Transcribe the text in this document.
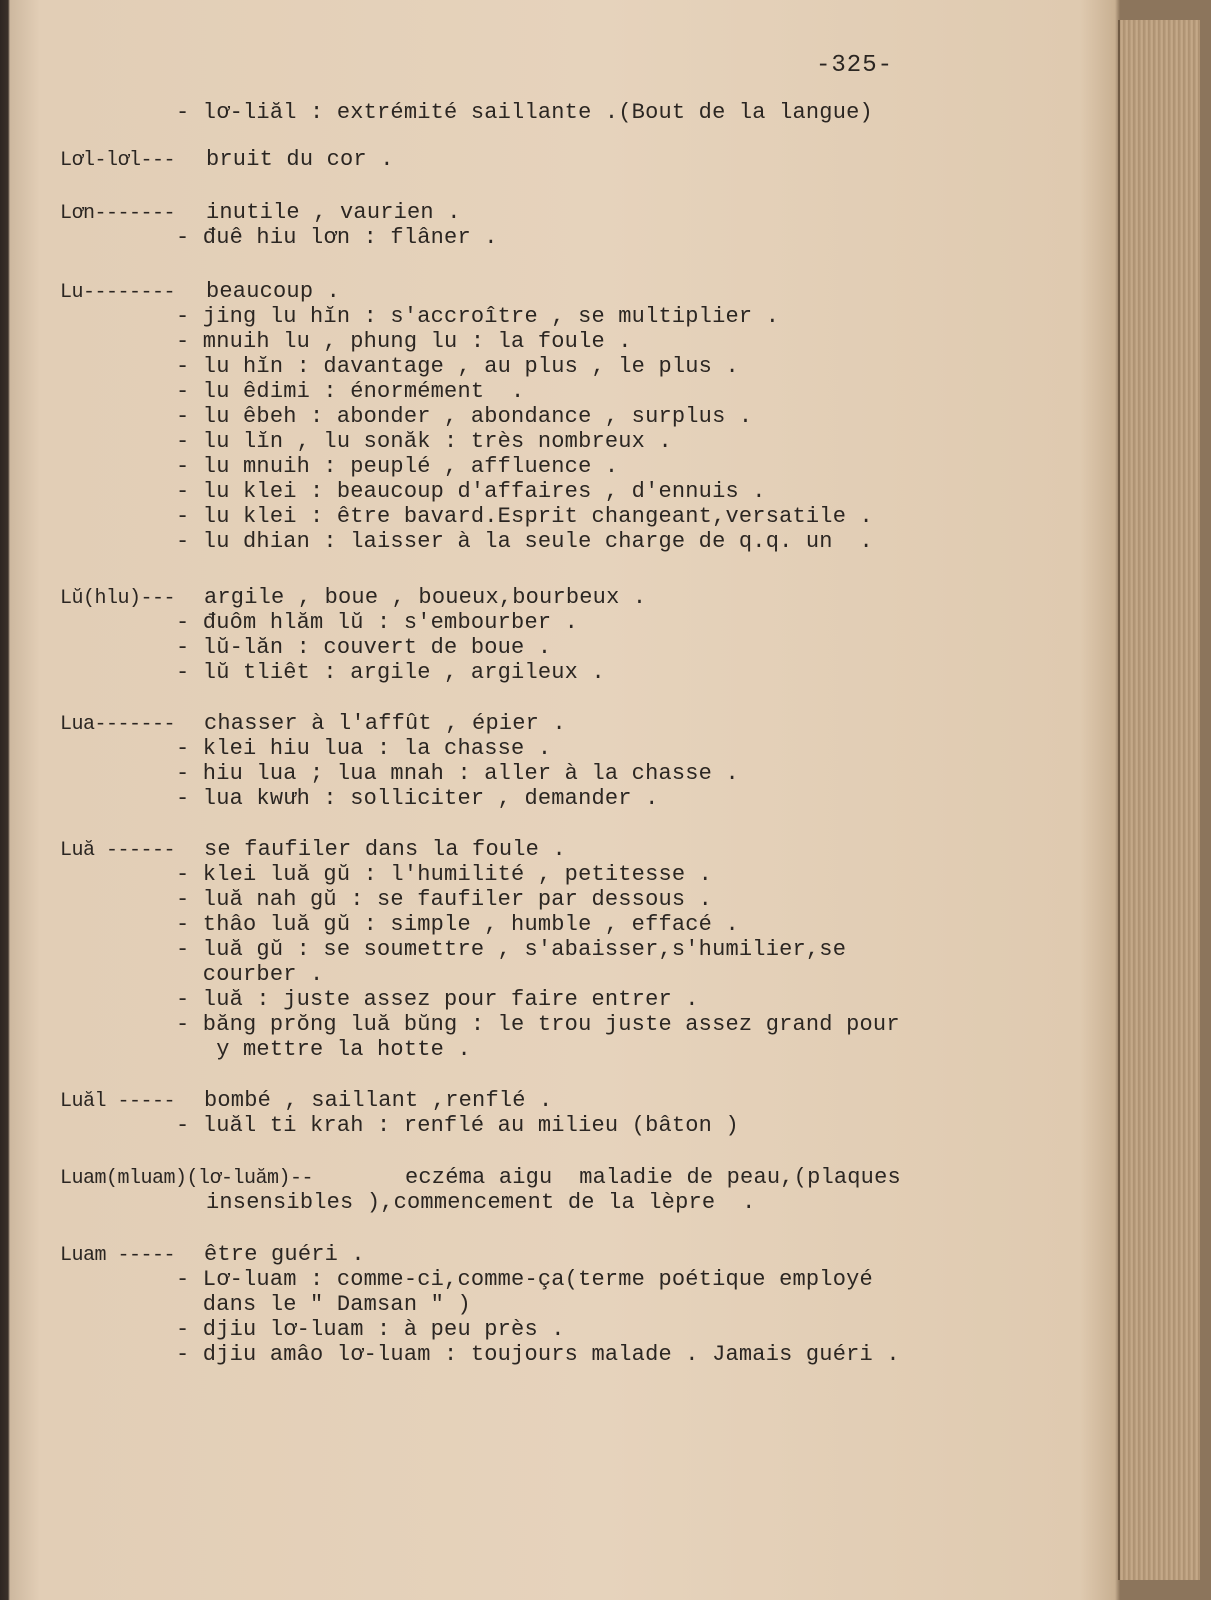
-325-
- lơ-liăl : extrémité saillante .(Bout de la langue)
Lơl-lơl--- bruit du cor .
Lơn------- inutile , vaurien .
- đuê hiu lơn : flâner .
Lu-------- beaucoup .
- jing lu hĭn : s'accroître , se multiplier .
- mnuih lu , phung lu : la foule .
- lu hĭn : davantage , au plus , le plus .
- lu êdimi : énormément  .
- lu êbeh : abonder , abondance , surplus .
- lu lĭn , lu sonăk : très nombreux .
- lu mnuih : peuplé , affluence .
- lu klei : beaucoup d'affaires , d'ennuis .
- lu klei : être bavard.Esprit changeant,versatile .
- lu dhian : laisser à la seule charge de q.q. un  .
Lŭ(hlu)--- argile , boue , boueux,bourbeux .
- đuôm hlăm lŭ : s'embourber .
- lŭ-lăn : couvert de boue .
- lŭ tliêt : argile , argileux .
Lua------- chasser à l'affût , épier .
- klei hiu lua : la chasse .
- hiu lua ; lua mnah : aller à la chasse .
- lua kwưh : solliciter , demander .
Luă ------ se faufiler dans la foule .
- klei luă gŭ : l'humilité , petitesse .
- luă nah gŭ : se faufiler par dessous .
- thâo luă gŭ : simple , humble , effacé .
- luă gŭ : se soumettre , s'abaisser,s'humilier,se
courber .
- luă : juste assez pour faire entrer .
- băng prŏng luă bŭng : le trou juste assez grand pour
y mettre la hotte .
Luăl ----- bombé , saillant ,renflé .
- luăl ti krah : renflé au milieu (bâton )
Luam(mluam)(lơ-luăm)--	eczéma aigu  maladie de peau,(plaques
insensibles ),commencement de la lèpre  .
Luam ----- être guéri .
- Lơ-luam : comme-ci,comme-ça(terme poétique employé
dans le " Damsan " )
- djiu lơ-luam : à peu près .
- djiu amâo lơ-luam : toujours malade . Jamais guéri .
